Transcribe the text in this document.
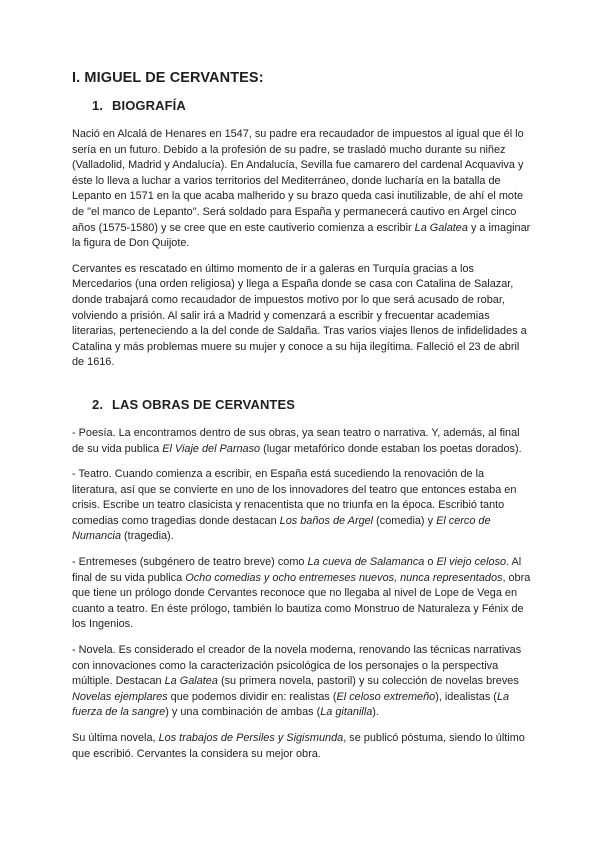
I. MIGUEL DE CERVANTES:
1. BIOGRAFÍA

Nació en Alcalá de Henares en 1547, su padre era recaudador de impuestos al igual que él lo sería en un futuro. Debido a la profesión de su padre, se trasladó mucho durante su niñez (Valladolid, Madrid y Andalucía). En Andalucía, Sevilla fue camarero del cardenal Acquaviva y éste lo lleva a luchar a varios territorios del Mediterráneo, donde lucharía en la batalla de Lepanto en 1571 en la que acaba malherido y su brazo queda casi inutilizable, de ahí el mote de "el manco de Lepanto". Será soldado para España y permanecerá cautivo en Argel cinco años (1575-1580) y se cree que en este cautiverio comienza a escribir La Galatea y a imaginar la figura de Don Quijote.

Cervantes es rescatado en último momento de ir a galeras en Turquía gracias a los Mercedarios (una orden religiosa) y llega a España donde se casa con Catalina de Salazar, donde trabajará como recaudador de impuestos motivo por lo que será acusado de robar, volviendo a prisión. Al salir irá a Madrid y comenzará a escribir y frecuentar academias literarias, perteneciendo a la del conde de Saldaña. Tras varios viajes llenos de infidelidades a Catalina y más problemas muere su mujer y conoce a su hija ilegítima. Falleció el 23 de abril de 1616.

2. LAS OBRAS DE CERVANTES

- Poesía. La encontramos dentro de sus obras, ya sean teatro o narrativa. Y, además, al final de su vida publica El Viaje del Parnaso (lugar metafórico donde estaban los poetas dorados).

- Teatro. Cuando comienza a escribir, en España está sucediendo la renovación de la literatura, así que se convierte en uno de los innovadores del teatro que entonces estaba en crisis. Escribe un teatro clasicista y renacentista que no triunfa en la época. Escribió tanto comedias como tragedias donde destacan Los baños de Argel (comedia) y El cerco de Numancia (tragedia).

- Entremeses (subgénero de teatro breve) como La cueva de Salamanca o El viejo celoso. Al final de su vida publica Ocho comedias y ocho entremeses nuevos, nunca representados, obra que tiene un prólogo donde Cervantes reconoce que no llegaba al nivel de Lope de Vega en cuanto a teatro. En éste prólogo, también lo bautiza como Monstruo de Naturaleza y Fénix de los Ingenios.

- Novela. Es considerado el creador de la novela moderna, renovando las técnicas narrativas con innovaciones como la caracterización psicológica de los personajes o la perspectiva múltiple. Destacan La Galatea (su primera novela, pastoril) y su colección de novelas breves Novelas ejemplares que podemos dividir en: realistas (El celoso extremeño), idealistas (La fuerza de la sangre) y una combinación de ambas (La gitanilla).

Su última novela, Los trabajos de Persiles y Sigismunda, se publicó póstuma, siendo lo último que escribió. Cervantes la considera su mejor obra.
